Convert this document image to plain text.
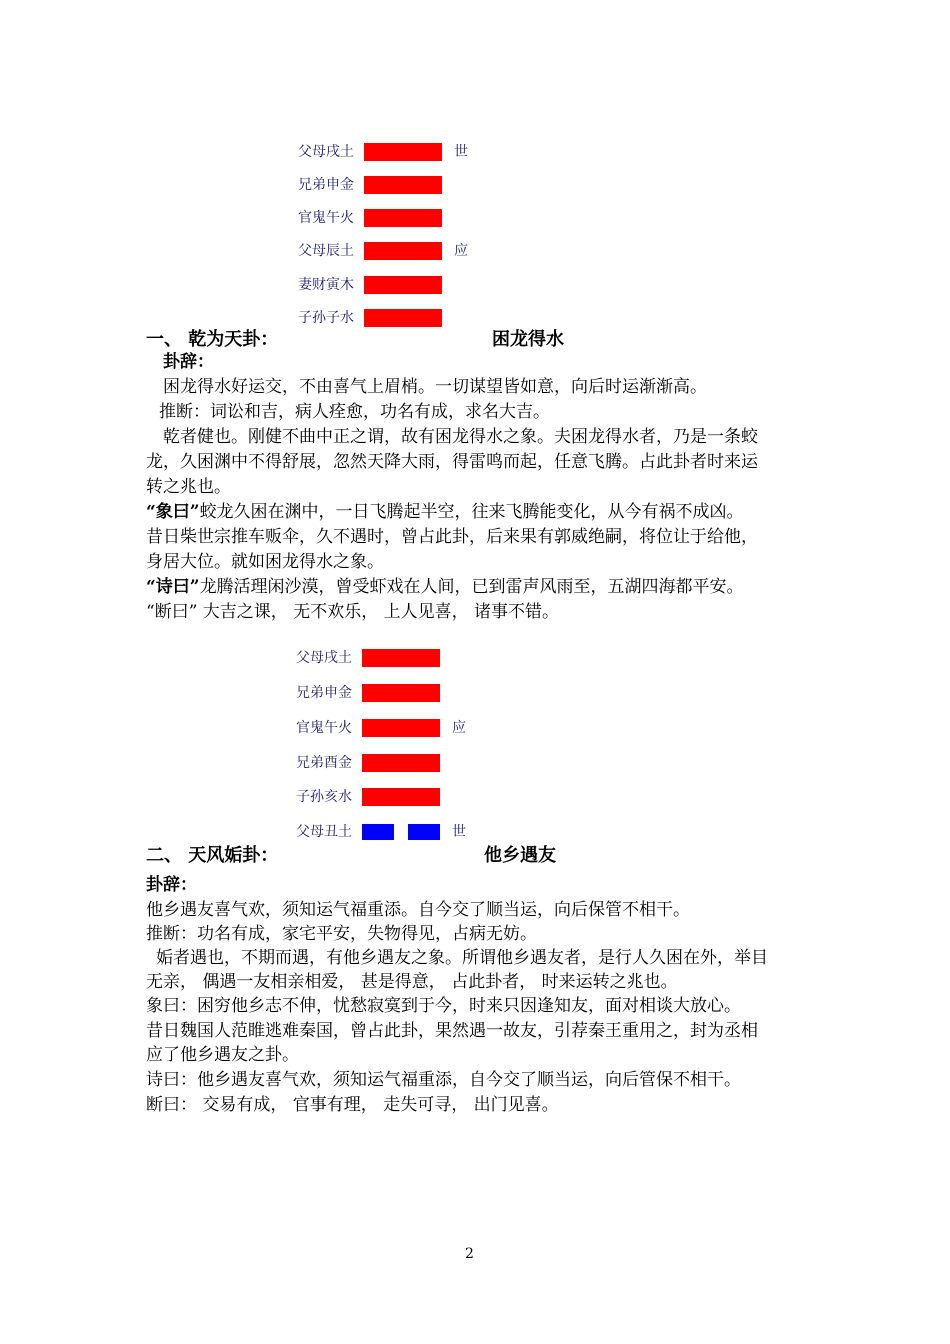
父母戌土	世
兄弟申金
官鬼午火
父母辰土	应
妻财寅木
子孙子水
一、 乾为天卦：	困龙得水
卦辞：
困龙得水好运交，不由喜气上眉梢。一切谋望皆如意，向后时运渐渐高。
推断：词讼和吉，病人痊愈，功名有成，求名大吉。
乾者健也。刚健不曲中正之谓，故有困龙得水之象。夫困龙得水者，乃是一条蛟
龙，久困渊中不得舒展，忽然天降大雨，得雷鸣而起，任意飞腾。占此卦者时来运
转之兆也。
“象曰”蛟龙久困在渊中，一日飞腾起半空，往来飞腾能变化，从今有祸不成凶。
昔日柴世宗推车贩伞，久不遇时，曾占此卦，后来果有郭威绝嗣，将位让于给他，
身居大位。就如困龙得水之象。
“诗曰”龙腾活理闲沙漠，曾受虾戏在人间，已到雷声风雨至，五湖四海都平安。
“断曰” 大吉之课， 无不欢乐， 上人见喜， 诸事不错。
父母戌土
兄弟申金
官鬼午火	应
兄弟酉金
子孙亥水
父母丑土	世
二、 天风姤卦：	他乡遇友
卦辞：
他乡遇友喜气欢，须知运气福重添。自今交了顺当运，向后保管不相干。
推断：功名有成，家宅平安，失物得见，占病无妨。
姤者遇也，不期而遇，有他乡遇友之象。所谓他乡遇友者，是行人久困在外，举目
无亲， 偶遇一友相亲相爱， 甚是得意， 占此卦者， 时来运转之兆也。
象曰：困穷他乡志不伸，忧愁寂寞到于今，时来只因逢知友，面对相谈大放心。
昔日魏国人范睢逃难秦国，曾占此卦，果然遇一故友，引荐秦王重用之，封为丞相
应了他乡遇友之卦。
诗曰：他乡遇友喜气欢，须知运气福重添，自今交了顺当运，向后管保不相干。
断曰： 交易有成， 官事有理， 走失可寻， 出门见喜。
2
